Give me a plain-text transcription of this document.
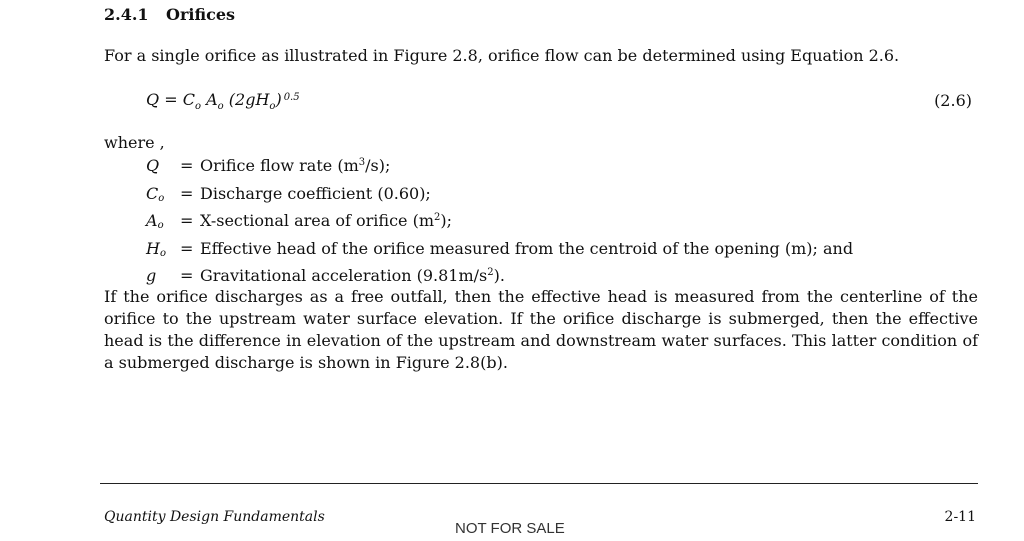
2.4.1 Orifices
For a single orifice as illustrated in Figure 2.8, orifice flow can be determined using Equation 2.6.
$Q = C_o$ $A_o$ $(2gH_o)$ $^{0.5}$	(2.6)
where ,
Q	= Orifice flow rate $(m^3/s)$;
$C_o$ = Discharge coefficient (0.60);
$A_o$	= X-sectional area of orifice $(m^2)$;
$H_o$ = Effective head of the orifice measured from the centroid of the opening (m); and
g	= Gravitational acceleration $(9.81m/s^2)$.
If the orifice discharges as a free outfall, then the effective head is measured from the centerline of the orifice to the upstream water surface elevation. If the orifice discharge is submerged, then the effective head is the difference in elevation of the upstream and downstream water surfaces. This latter condition of a submerged discharge is shown in Figure 2.8(b).
Quantity Design Fundamentals	2-11
NOT FOR SALE
